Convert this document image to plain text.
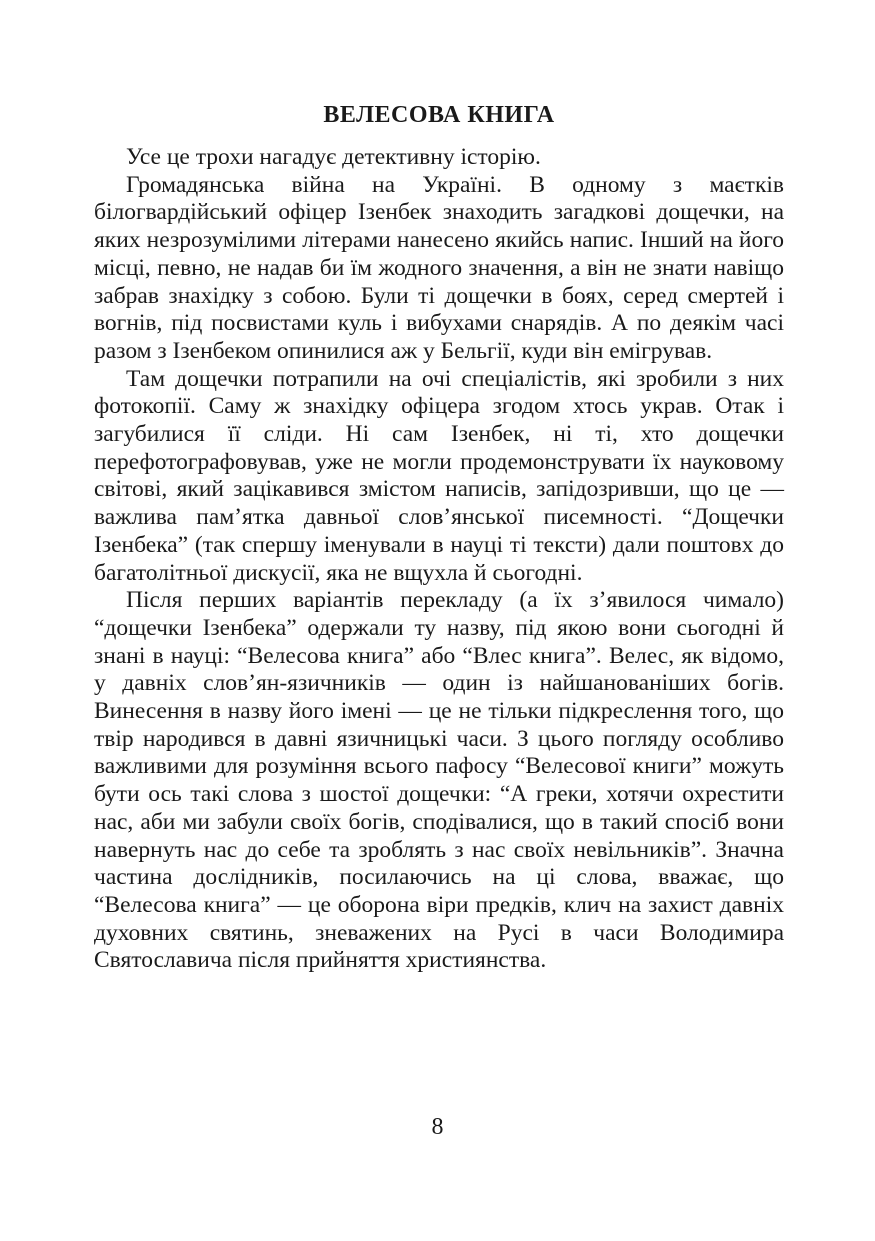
ВЕЛЕСОВА КНИГА

Усе це трохи нагадує детективну історію.

Громадянська війна на Україні. В одному з маєтків білогвардійський офіцер Ізенбек знаходить загадкові дощечки, на яких незрозумілими літерами нанесено якийсь напис. Інший на його місці, певно, не надав би їм жодного значення, а він не знати навіщо забрав знахідку з собою. Були ті дощечки в боях, серед смертей і вогнів, під посвистами куль і вибухами снарядів. А по деякім часі разом з Ізенбеком опинилися аж у Бельгії, куди він емігрував.

Там дощечки потрапили на очі спеціалістів, які зробили з них фотокопії. Саму ж знахідку офіцера згодом хтось украв. Отак і загубилися її сліди. Ні сам Ізенбек, ні ті, хто дощечки перефотографовував, уже не могли продемонструвати їх науковому світові, який зацікавився змістом написів, запідозривши, що це — важлива пам’ятка давньої слов’янської писемності. “Дощечки Ізенбека” (так спершу іменували в науці ті тексти) дали поштовх до багатолітньої дискусії, яка не вщухла й сьогодні.

Після перших варіантів перекладу (а їх з’явилося чимало) “дощечки Ізенбека” одержали ту назву, під якою вони сьогодні й знані в науці: “Велесова книга” або “Влес книга”. Велес, як відомо, у давніх слов’ян-язичників — один із найшанованіших богів. Винесення в назву його імені — це не тільки підкреслення того, що твір народився в давні язичницькі часи. З цього погляду особливо важливими для розуміння всього пафосу “Велесової книги” можуть бути ось такі слова з шостої дощечки: “А греки, хотячи охрестити нас, аби ми забули своїх богів, сподівалися, що в такий спосіб вони навернуть нас до себе та зроблять з нас своїх невільників”. Значна частина дослідників, посилаючись на ці слова, вважає, що “Велесова книга” — це оборона віри предків, клич на захист давніх духовних святинь, зневажених на Русі в часи Володимира Святославича після прийняття християнства.

8
